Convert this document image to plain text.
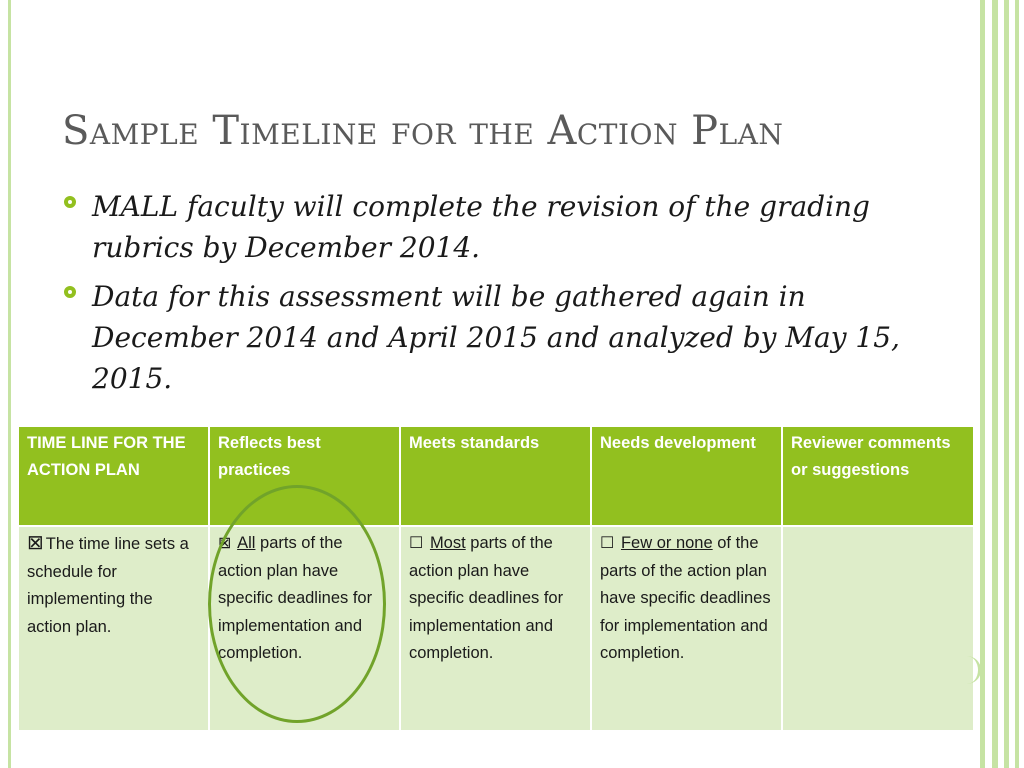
Sample Timeline for the Action Plan
MALL faculty will complete the revision of the grading rubrics by December 2014.
Data for this assessment will be gathered again in December 2014 and April 2015 and analyzed by May 15, 2015.
TIME LINE FOR THE ACTION PLAN	Reflects best practices	Meets standards	Needs development	Reviewer comments or suggestions
⊠ The time line sets a schedule for implementing the action plan.	⊠ All parts of the action plan have specific deadlines for implementation and completion.	☐ Most parts of the action plan have specific deadlines for implementation and completion.	☐ Few or none of the parts of the action plan have specific deadlines for implementation and completion.	
